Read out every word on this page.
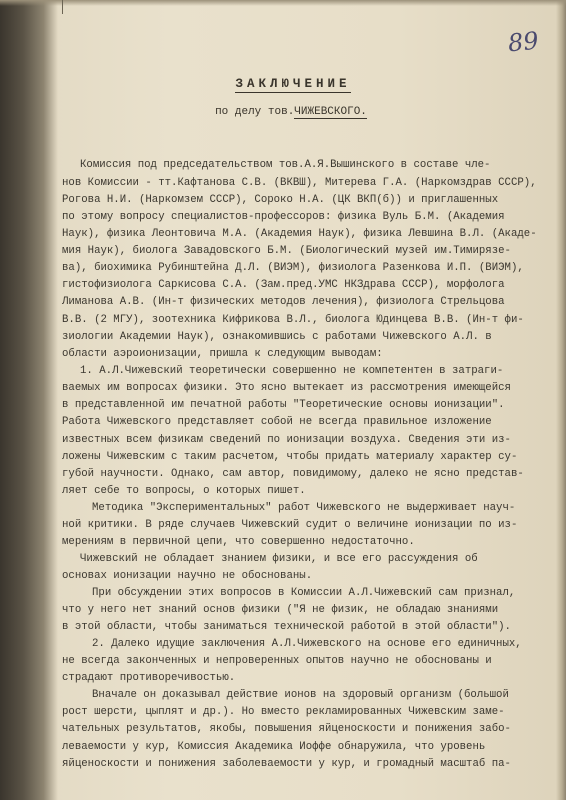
89
ЗАКЛЮЧЕНИЕ
по делу тов.ЧИЖЕВСКОГО.
Комиссия под председательством тов.А.Я.Вышинского в составе чле-
нов Комиссии - тт.Кафтанова С.В. (ВКВШ), Митерева Г.А. (Наркомздрав СССР),
Рогова Н.И. (Наркомзем СССР), Сороко Н.А. (ЦК ВКП(б)) и приглашенных
по этому вопросу специалистов-профессоров: физика Вуль Б.М. (Академия
Наук), физика Леонтовича М.А. (Академия Наук), физика Левшина В.Л. (Акаде-
мия Наук), биолога Завадовского Б.М. (Биологический музей им.Тимирязе-
ва), биохимика Рубинштейна Д.Л. (ВИЭМ), физиолога Разенкова И.П. (ВИЭМ),
гистофизиолога Саркисова С.А. (Зам.пред.УМС НКЗдрава СССР), морфолога
Лиманова А.В. (Ин-т физических методов лечения), физиолога Стрельцова
В.В. (2 МГУ), зоотехника Кифрикова В.Л., биолога Юдинцева В.В. (Ин-т фи-
зиологии Академии Наук), ознакомившись с работами Чижевского А.Л. в
области аэроионизации, пришла к следующим выводам:
1. А.Л.Чижевский теоретически совершенно не компетентен в затраги-
ваемых им вопросах физики. Это ясно вытекает из рассмотрения имеющейся
в представленной им печатной работы "Теоретические основы ионизации".
Работа Чижевского представляет собой не всегда правильное изложение
известных всем физикам сведений по ионизации воздуха. Сведения эти из-
ложены Чижевским с таким расчетом, чтобы придать материалу характер су-
губой научности. Однако, сам автор, повидимому, далеко не ясно представ-
ляет себе то вопросы, о которых пишет.
Методика "Экспериментальных" работ Чижевского не выдерживает науч-
ной критики. В ряде случаев Чижевский судит о величине ионизации по из-
мерениям в первичной цепи, что совершенно недостаточно.
Чижевский не обладает знанием физики, и все его рассуждения об
основах ионизации научно не обоснованы.
При обсуждении этих вопросов в Комиссии А.Л.Чижевский сам признал,
что у него нет знаний основ физики ("Я не физик, не обладаю знаниями
в этой области, чтобы заниматься технической работой в этой области").
2. Далеко идущие заключения А.Л.Чижевского на основе его единичных,
не всегда законченных и непроверенных опытов научно не обоснованы и
страдают противоречивостью.
Вначале он доказывал действие ионов на здоровый организм (большой
рост шерсти, цыплят и др.). Но вместо рекламированных Чижевским заме-
чательных результатов, якобы, повышения яйценоскости и понижения забо-
леваемости у кур, Комиссия Академика Иоффе обнаружила, что уровень
яйценоскости и понижения заболеваемости у кур, и громадный масштаб па-
